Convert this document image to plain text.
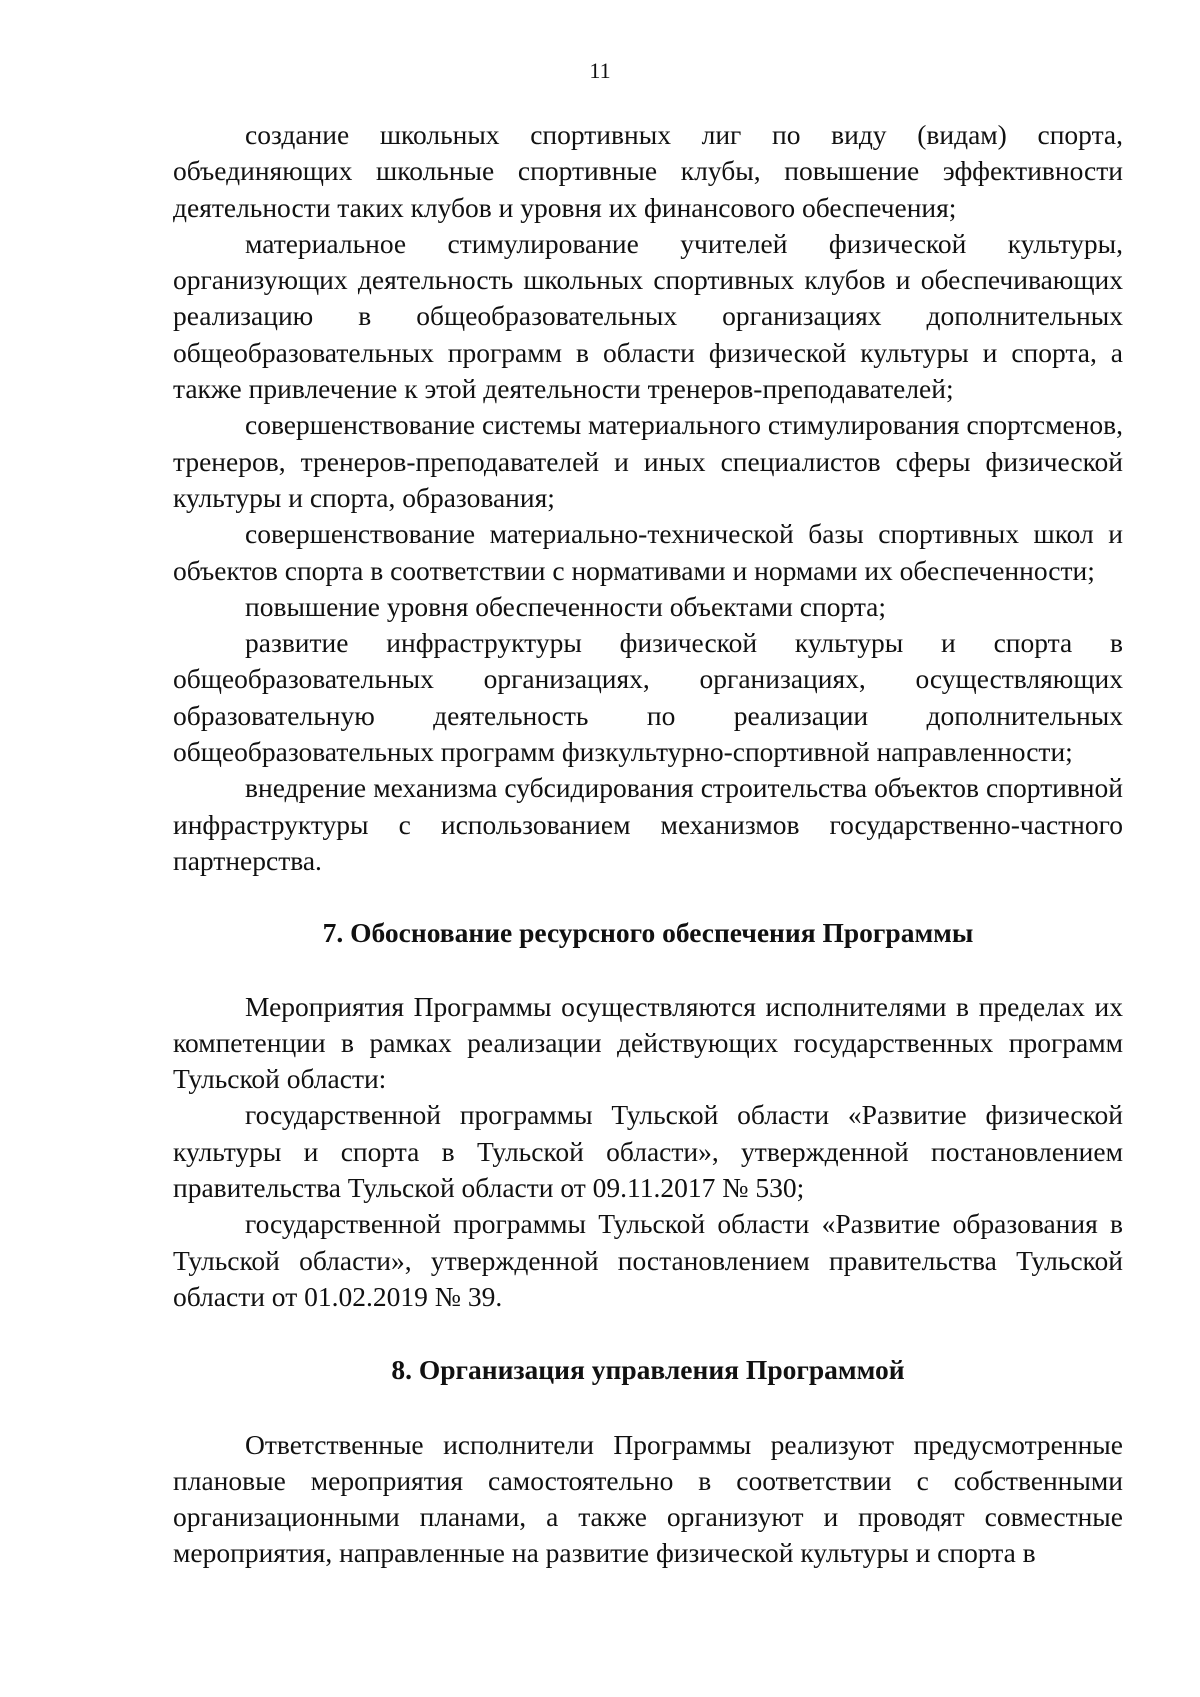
11

создание школьных спортивных лиг по виду (видам) спорта, объединяющих школьные спортивные клубы, повышение эффективности деятельности таких клубов и уровня их финансового обеспечения;

материальное стимулирование учителей физической культуры, организующих деятельность школьных спортивных клубов и обеспечивающих реализацию в общеобразовательных организациях дополнительных общеобразовательных программ в области физической культуры и спорта, а также привлечение к этой деятельности тренеров-преподавателей;

совершенствование системы материального стимулирования спортсменов, тренеров, тренеров-преподавателей и иных специалистов сферы физической культуры и спорта, образования;

совершенствование материально-технической базы спортивных школ и объектов спорта в соответствии с нормативами и нормами их обеспеченности;

повышение уровня обеспеченности объектами спорта;

развитие инфраструктуры физической культуры и спорта в общеобразовательных организациях, организациях, осуществляющих образовательную деятельность по реализации дополнительных общеобразовательных программ физкультурно-спортивной направленности;

внедрение механизма субсидирования строительства объектов спортивной инфраструктуры с использованием механизмов государственно-частного партнерства.

7. Обоснование ресурсного обеспечения Программы

Мероприятия Программы осуществляются исполнителями в пределах их компетенции в рамках реализации действующих государственных программ Тульской области:

государственной программы Тульской области «Развитие физической культуры и спорта в Тульской области», утвержденной постановлением правительства Тульской области от 09.11.2017 № 530;

государственной программы Тульской области «Развитие образования в Тульской области», утвержденной постановлением правительства Тульской области от 01.02.2019 № 39.

8. Организация управления Программой

Ответственные исполнители Программы реализуют предусмотренные плановые мероприятия самостоятельно в соответствии с собственными организационными планами, а также организуют и проводят совместные мероприятия, направленные на развитие физической культуры и спорта в
